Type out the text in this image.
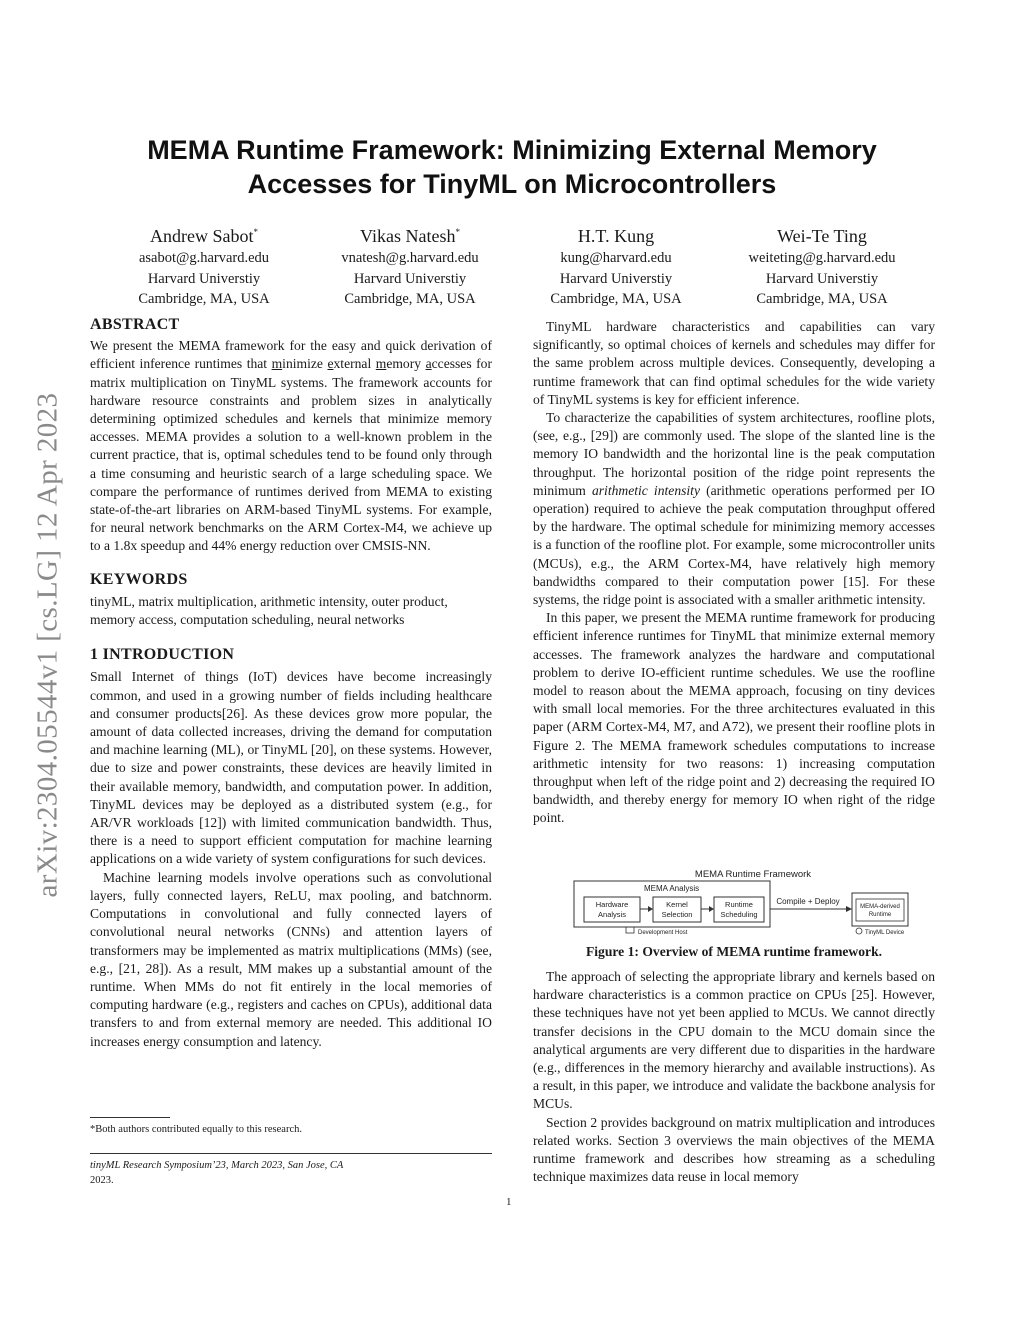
arXiv:2304.05544v1 [cs.LG] 12 Apr 2023
MEMA Runtime Framework: Minimizing External Memory
Accesses for TinyML on Microcontrollers
Andrew Sabot*
asabot@g.harvard.edu
Harvard Universtiy
Cambridge, MA, USA
Vikas Natesh*
vnatesh@g.harvard.edu
Harvard Universtiy
Cambridge, MA, USA
H.T. Kung
kung@harvard.edu
Harvard Universtiy
Cambridge, MA, USA
Wei-Te Ting
weiteting@g.harvard.edu
Harvard Universtiy
Cambridge, MA, USA
ABSTRACT

We present the MEMA framework for the easy and quick derivation of efficient inference runtimes that minimize external memory accesses for matrix multiplication on TinyML systems. The framework accounts for hardware resource constraints and problem sizes in analytically determining optimized schedules and kernels that minimize memory accesses. MEMA provides a solution to a well-known problem in the current practice, that is, optimal schedules tend to be found only through a time consuming and heuristic search of a large scheduling space. We compare the performance of runtimes derived from MEMA to existing state-of-the-art libraries on ARM-based TinyML systems. For example, for neural network benchmarks on the ARM Cortex-M4, we achieve up to a 1.8x speedup and 44% energy reduction over CMSIS-NN.

KEYWORDS

tinyML, matrix multiplication, arithmetic intensity, outer product, memory access, computation scheduling, neural networks

1 INTRODUCTION

Small Internet of things (IoT) devices have become increasingly common, and used in a growing number of fields including healthcare and consumer products[26]. As these devices grow more popular, the amount of data collected increases, driving the demand for computation and machine learning (ML), or TinyML [20], on these systems. However, due to size and power constraints, these devices are heavily limited in their available memory, bandwidth, and computation power. In addition, TinyML devices may be deployed as a distributed system (e.g., for AR/VR workloads [12]) with limited communication bandwidth. Thus, there is a need to support efficient computation for machine learning applications on a wide variety of system configurations for such devices.

Machine learning models involve operations such as convolutional layers, fully connected layers, ReLU, max pooling, and batchnorm. Computations in convolutional and fully connected layers of convolutional neural networks (CNNs) and attention layers of transformers may be implemented as matrix multiplications (MMs) (see, e.g., [21, 28]). As a result, MM makes up a substantial amount of the runtime. When MMs do not fit entirely in the local memories of computing hardware (e.g., registers and caches on CPUs), additional data transfers to and from external memory are needed. This additional IO increases energy consumption and latency.

*Both authors contributed equally to this research.
tinyML Research Symposium’23, March 2023, San Jose, CA
2023.
1

TinyML hardware characteristics and capabilities can vary significantly, so optimal choices of kernels and schedules may differ for the same problem across multiple devices. Consequently, developing a runtime framework that can find optimal schedules for the wide variety of TinyML systems is key for efficient inference.

To characterize the capabilities of system architectures, roofline plots, (see, e.g., [29]) are commonly used. The slope of the slanted line is the memory IO bandwidth and the horizontal line is the peak computation throughput. The horizontal position of the ridge point represents the minimum arithmetic intensity (arithmetic operations performed per IO operation) required to achieve the peak computation throughput offered by the hardware. The optimal schedule for minimizing memory accesses is a function of the roofline plot. For example, some microcontroller units (MCUs), e.g., the ARM Cortex-M4, have relatively high memory bandwidths compared to their computation power [15]. For these systems, the ridge point is associated with a smaller arithmetic intensity.

In this paper, we present the MEMA runtime framework for producing efficient inference runtimes for TinyML that minimize external memory accesses. The framework analyzes the hardware and computational problem to derive IO-efficient runtime schedules. We use the roofline model to reason about the MEMA approach, focusing on tiny devices with small local memories. For the three architectures evaluated in this paper (ARM Cortex-M4, M7, and A72), we present their roofline plots in Figure 2. The MEMA framework schedules computations to increase arithmetic intensity for two reasons: 1) increasing computation throughput when left of the ridge point and 2) decreasing the required IO bandwidth, and thereby energy for memory IO when right of the ridge point.

MEMA Runtime Framework
MEMA Analysis
Hardware
Analysis
Kernel
Selection
Runtime
Scheduling
Development Host
Compile + Deploy
MEMA-derived
Runtime
TinyML Device
Figure 1: Overview of MEMA runtime framework.

The approach of selecting the appropriate library and kernels based on hardware characteristics is a common practice on CPUs [25]. However, these techniques have not yet been applied to MCUs. We cannot directly transfer decisions in the CPU domain to the MCU domain since the analytical arguments are very different due to disparities in the hardware (e.g., differences in the memory hierarchy and available instructions). As a result, in this paper, we introduce and validate the backbone analysis for MCUs.

Section 2 provides background on matrix multiplication and introduces related works. Section 3 overviews the main objectives of the MEMA runtime framework and describes how streaming as a scheduling technique maximizes data reuse in local memory
